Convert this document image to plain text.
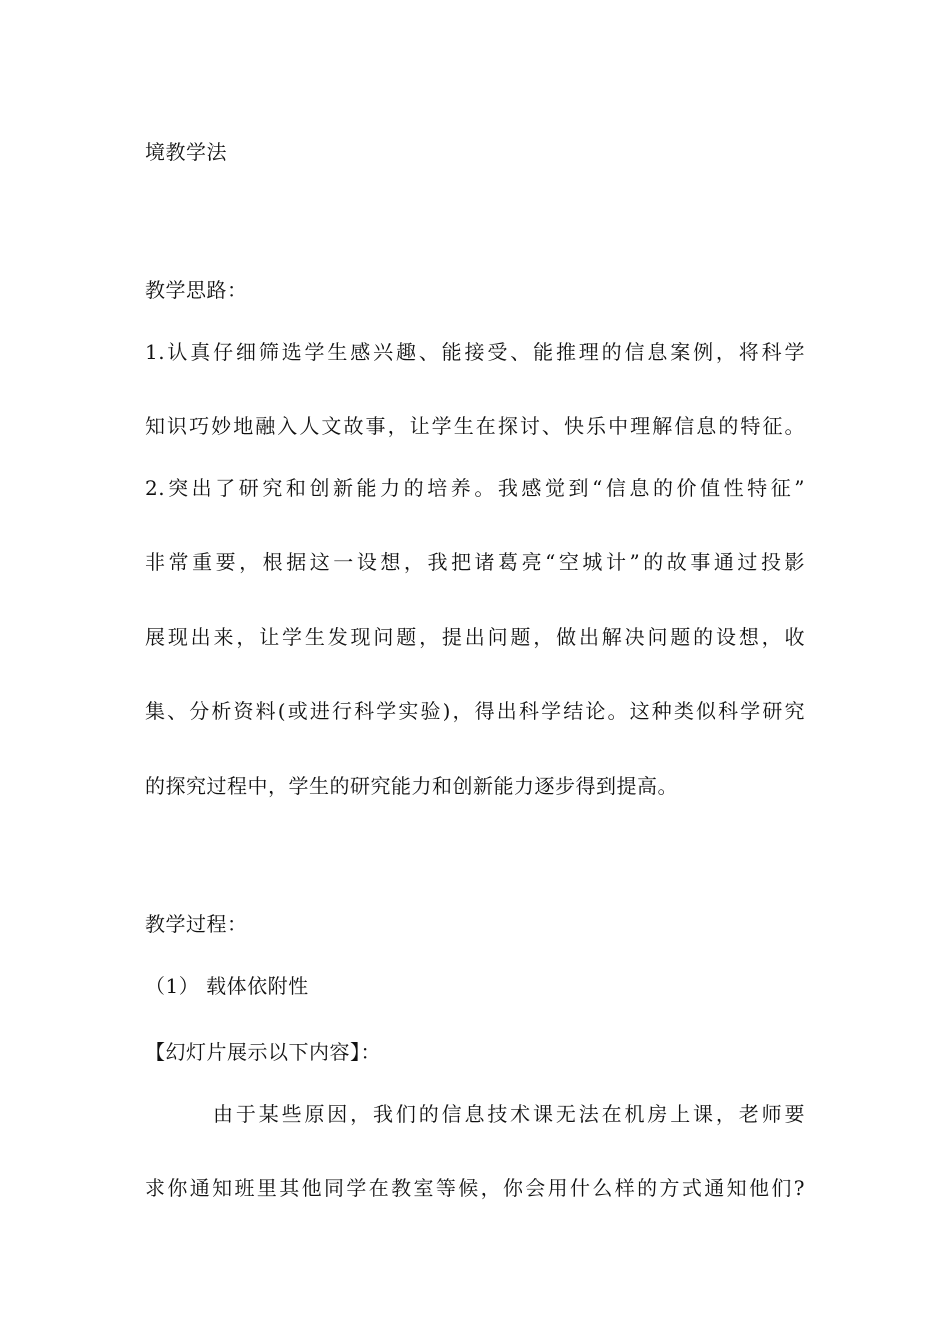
境教学法
教学思路：
1.认真仔细筛选学生感兴趣、能接受、能推理的信息案例，将科学
知识巧妙地融入人文故事，让学生在探讨、快乐中理解信息的特征。
2.突出了研究和创新能力的培养。我感觉到“信息的价值性特征”
非常重要，根据这一设想，我把诸葛亮“空城计”的故事通过投影
展现出来，让学生发现问题，提出问题，做出解决问题的设想，收
集、分析资料(或进行科学实验)，得出科学结论。这种类似科学研究
的探究过程中，学生的研究能力和创新能力逐步得到提高。
教学过程：
（1） 载体依附性
【幻灯片展示以下内容】：
由于某些原因，我们的信息技术课无法在机房上课，老师要
求你通知班里其他同学在教室等候，你会用什么样的方式通知他们?
